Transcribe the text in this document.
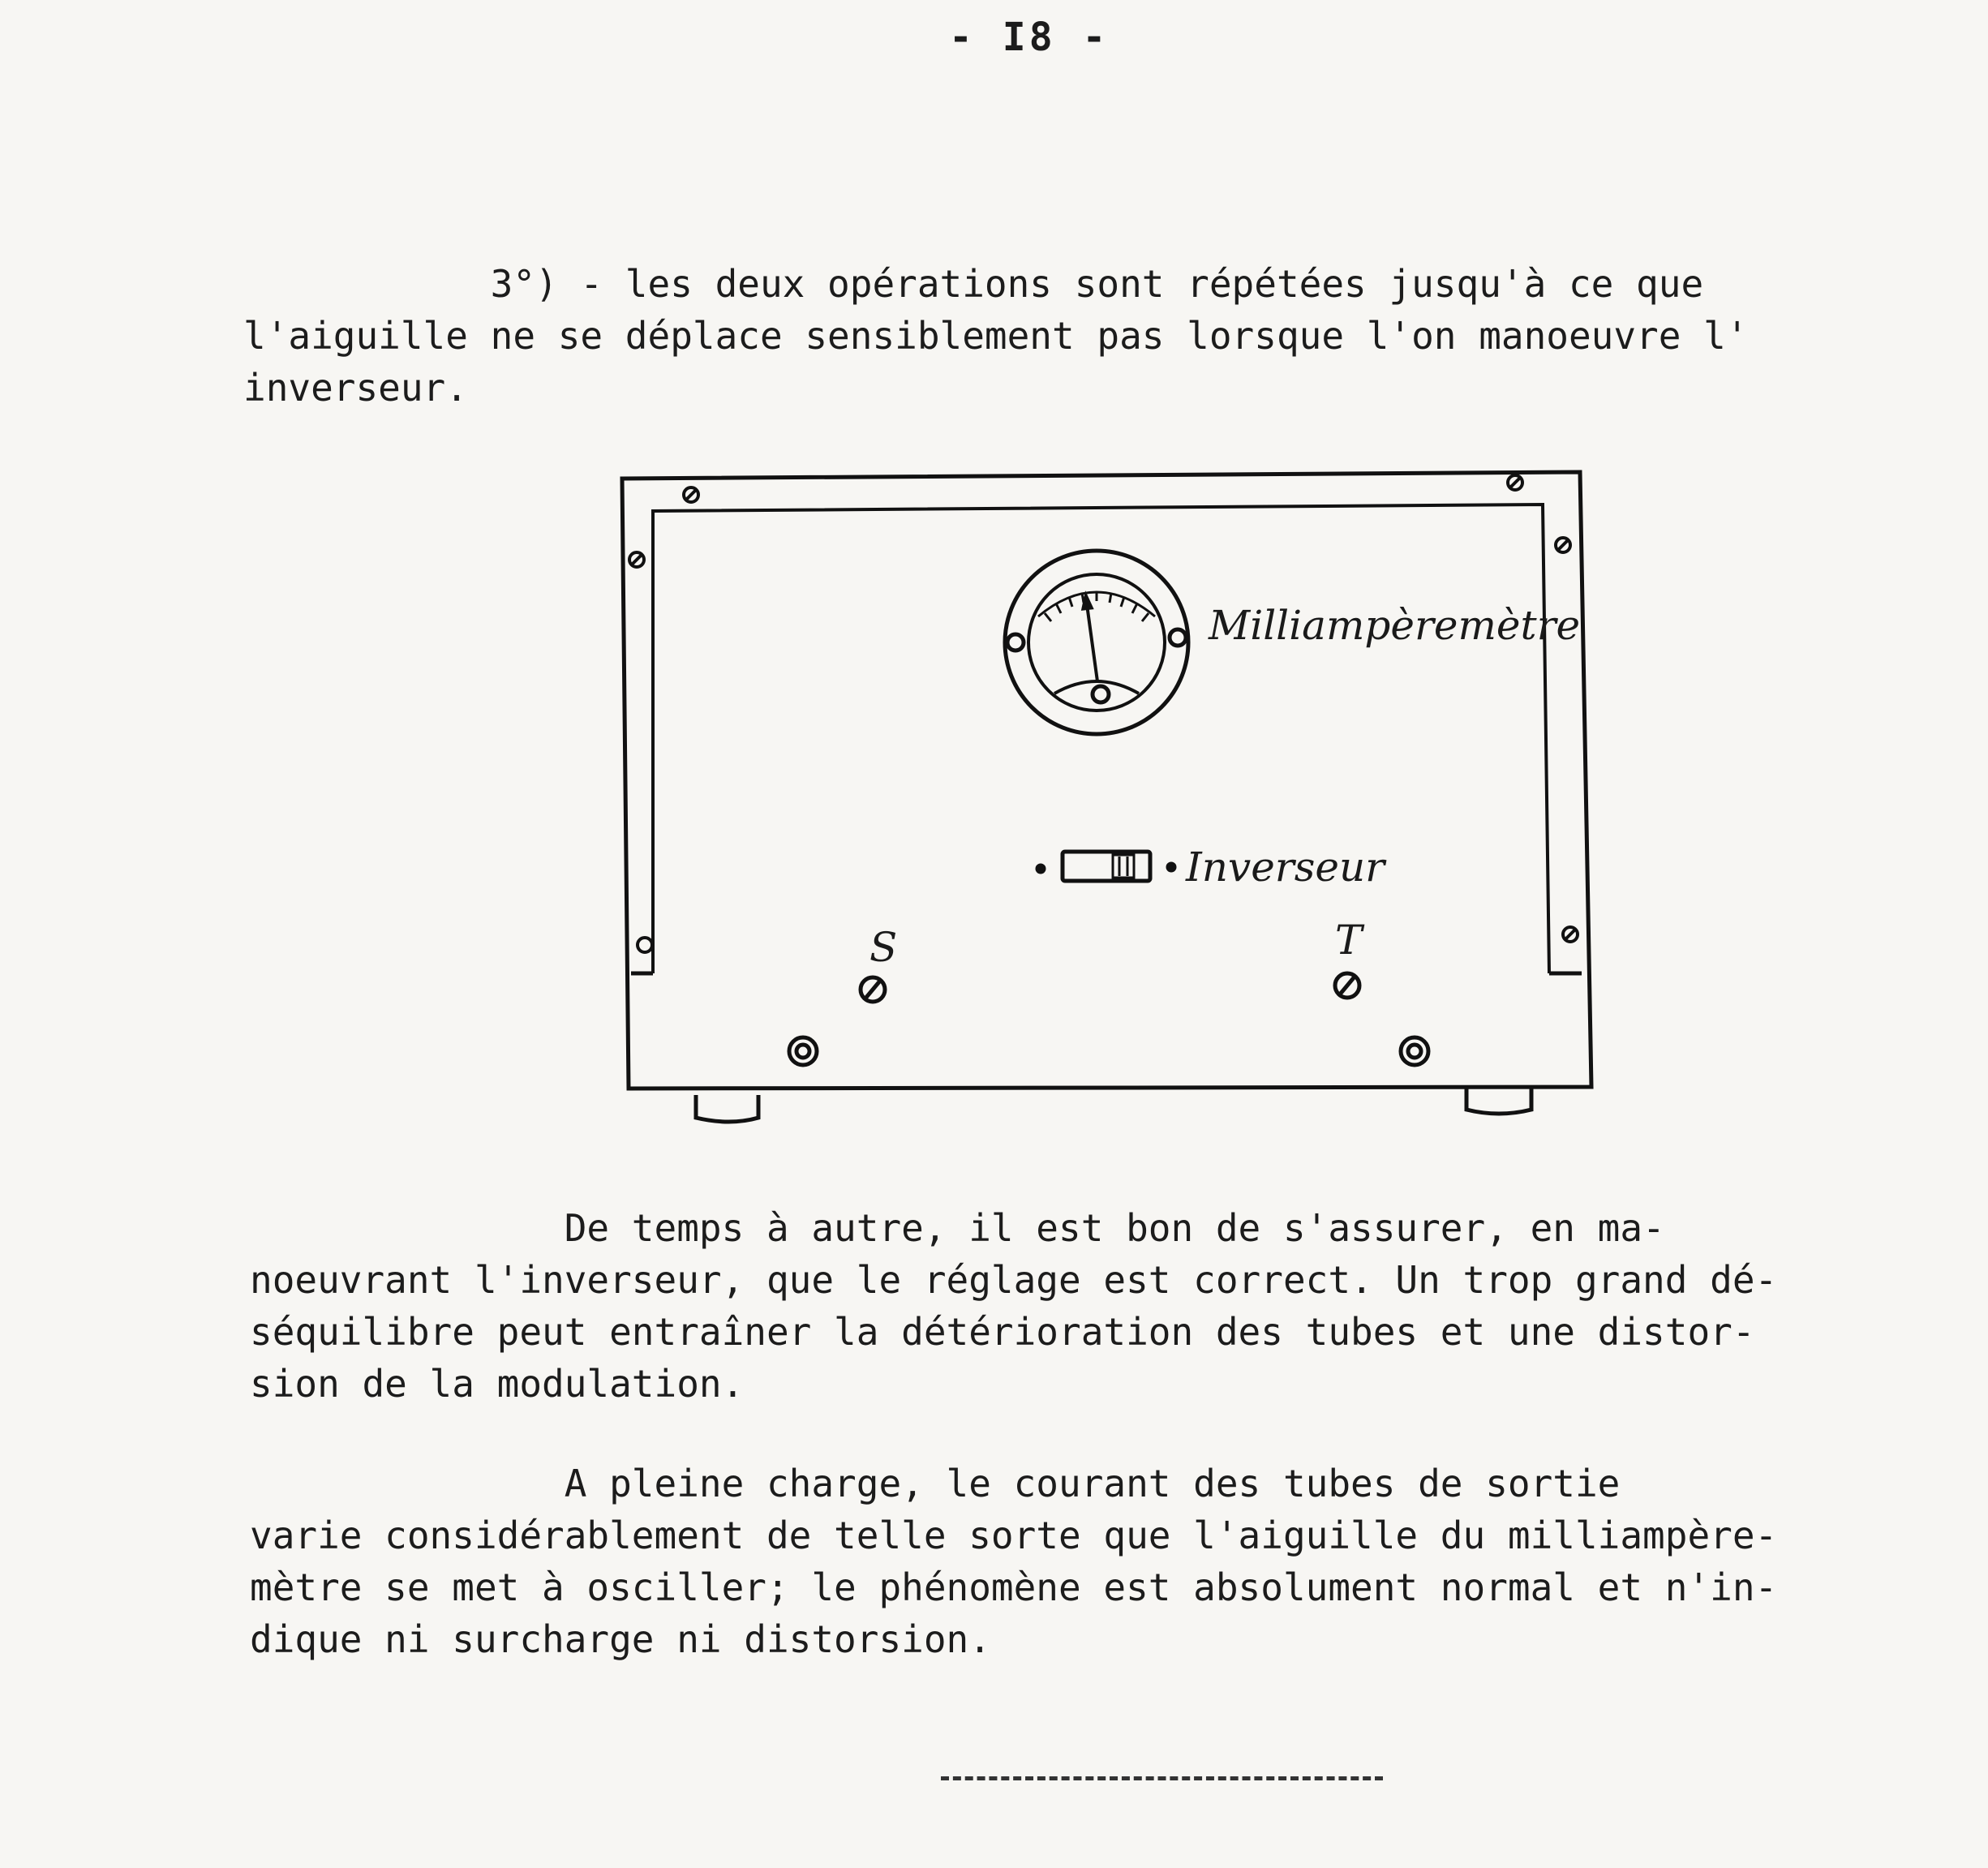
- I8 -

3°) - les deux opérations sont répétées jusqu'à ce que
l'aiguille ne se déplace sensiblement pas lorsque l'on manoeuvre l'
inverseur.

Milliampèremètre
Inverseur
S	T

De temps à autre, il est bon de s'assurer, en ma-
noeuvrant l'inverseur, que le réglage est correct. Un trop grand dé-
séquilibre peut entraîner la détérioration des tubes et une distor-
sion de la modulation.

A pleine charge, le courant des tubes de sortie
varie considérablement de telle sorte que l'aiguille du milliampère-
mètre se met à osciller; le phénomène est absolument normal et n'in-
dique ni surcharge ni distorsion.
